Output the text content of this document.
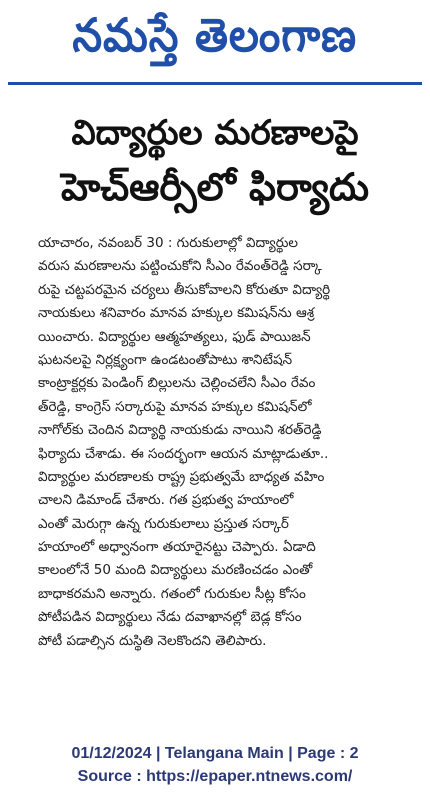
నమస్తే తెలంగాణ
విద్యార్థుల మరణాలపై
హెచ్‌ఆర్సీలో ఫిర్యాదు
యాచారం, నవంబర్ 30 : గురుకులాల్లో విద్యార్థుల
వరుస మరణాలను పట్టించుకోని సీఎం రేవంత్‌రెడ్డి సర్కా
రుపై చట్టపరమైన చర్యలు తీసుకోవాలని కోరుతూ విద్యార్థి
నాయకులు శనివారం మానవ హక్కుల కమిషన్‌ను ఆశ్ర
యించారు. విద్యార్థుల ఆత్మహత్యలు, ఫుడ్ పాయిజన్
ఘటనలపై నిర్లక్ష్యంగా ఉండటంతోపాటు శానిటేషన్
కాంట్రాక్టర్లకు పెండింగ్ బిల్లులను చెల్లించలేని సీఎం రేవం
త్‌రెడ్డి, కాంగ్రెస్ సర్కారుపై మానవ హక్కుల కమిషన్‌లో
నాగోల్‌కు చెందిన విద్యార్థి నాయకుడు నాయిని శరత్‌రెడ్డి
ఫిర్యాదు చేశాడు. ఈ సందర్భంగా ఆయన మాట్లాడుతూ..
విద్యార్థుల మరణాలకు రాష్ట్ర ప్రభుత్వమే బాధ్యత వహిం
చాలని డిమాండ్ చేశారు. గత ప్రభుత్వ హయాంలో
ఎంతో మెరుగ్గా ఉన్న గురుకులాలు ప్రస్తుత సర్కార్
హయాంలో అధ్వానంగా తయారైనట్టు చెప్పారు. ఏడాది
కాలంలోనే 50 మంది విద్యార్థులు మరణించడం ఎంతో
బాధాకరమని అన్నారు. గతంలో గురుకుల సీట్ల కోసం
పోటీపడిన విద్యార్థులు నేడు దవాఖానల్లో బెడ్ల కోసం
పోటీ పడాల్సిన దుస్థితి నెలకొందని తెలిపారు.
01/12/2024 | Telangana Main | Page : 2
Source : https://epaper.ntnews.com/
